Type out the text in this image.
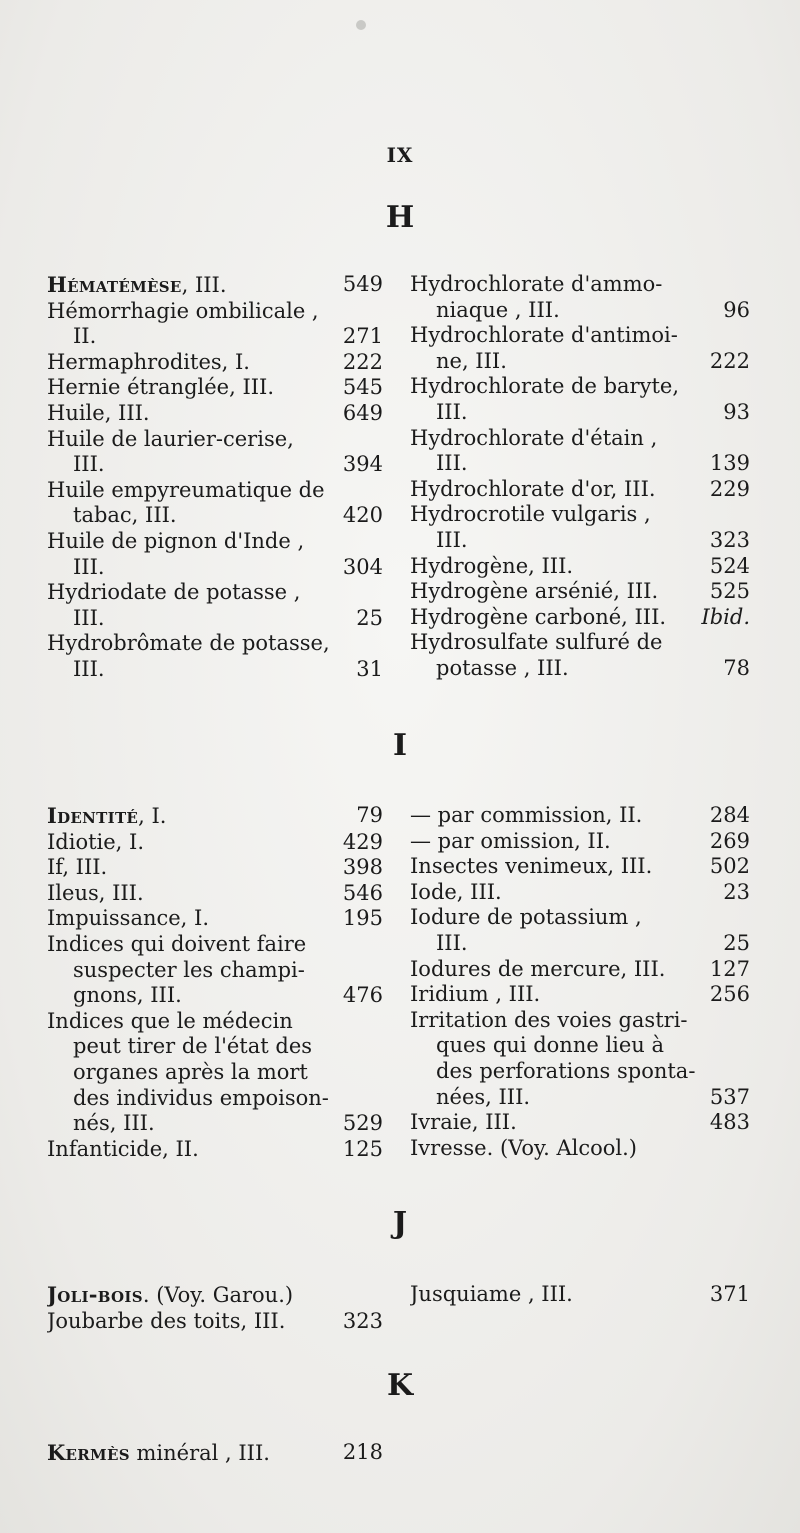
IX
H
Hématémèse, III.	549
Hémorrhagie ombilicale ,
II.	271
Hermaphrodites, I.	222
Hernie étranglée, III.	545
Huile, III.	649
Huile de laurier-cerise,
III.	394
Huile empyreumatique de
tabac, III.	420
Huile de pignon d'Inde ,
III.	304
Hydriodate de potasse ,
III.	25
Hydrobrômate de potasse,
III.	31
Hydrochlorate d'ammo-
niaque , III.	96
Hydrochlorate d'antimoi-
ne, III.	222
Hydrochlorate de baryte,
III.	93
Hydrochlorate d'étain ,
III.	139
Hydrochlorate d'or, III.	229
Hydrocrotile vulgaris ,
III.	323
Hydrogène, III.	524
Hydrogène arsénié, III. 525
Hydrogène carboné, III. Ibid.
Hydrosulfate sulfuré de
potasse , III.	78
I
Identité, I.	79
Idiotie, I.	429
If, III.	398
Ileus, III.	546
Impuissance, I.	195
Indices qui doivent faire
suspecter les champi-
gnons, III.	476
Indices que le médecin
peut tirer de l'état des
organes après la mort
des individus empoison-
nés, III.	529
Infanticide, II.	125
— par commission, II.	284
— par omission, II.	269
Insectes venimeux, III.	502
Iode, III.	23
Iodure de potassium ,
III.	25
Iodures de mercure, III. 127
Iridium , III.	256
Irritation des voies gastri-
ques qui donne lieu à
des perforations sponta-
nées, III.	537
Ivraie, III.	483
Ivresse. (Voy. Alcool.)
J
Joli-bois. (Voy. Garou.)
Joubarbe des toits, III.	323
Jusquiame , III.	371
K
Kermès minéral , III.	218
